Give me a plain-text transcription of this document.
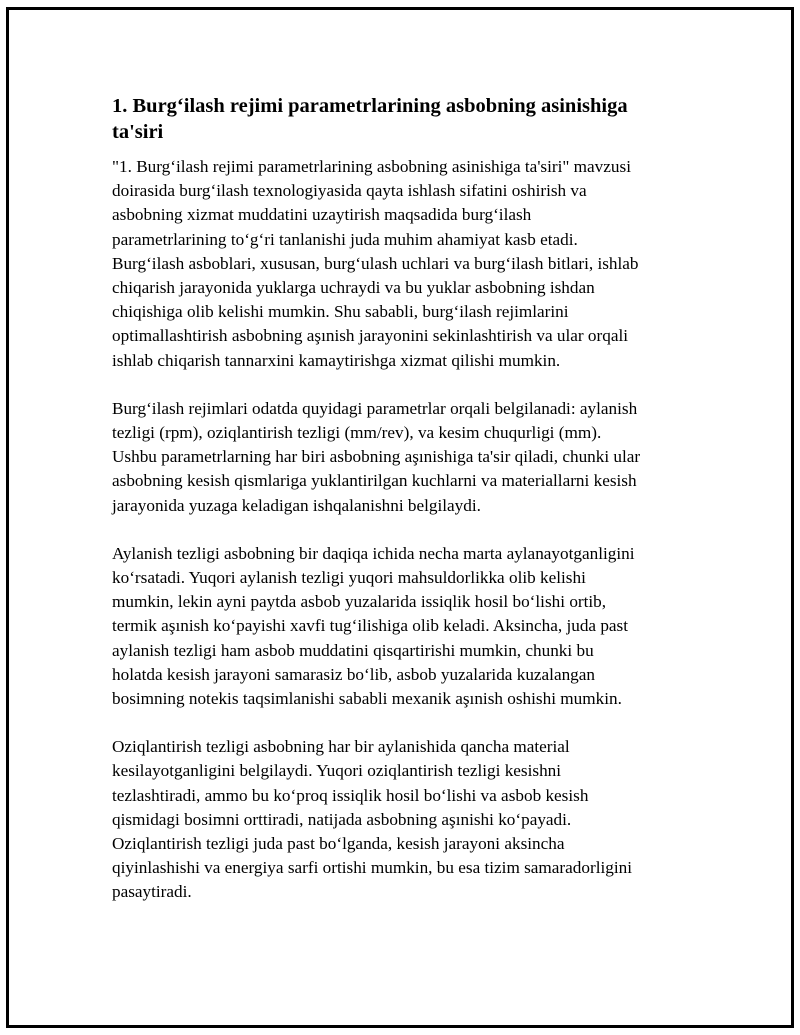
1. Burg‘ilash rejimi parametrlarining asbobning asinishiga
ta'siri

"1. Burg‘ilash rejimi parametrlarining asbobning asinishiga ta'siri" mavzusi
doirasida burg‘ilash texnologiyasida qayta ishlash sifatini oshirish va
asbobning xizmat muddatini uzaytirish maqsadida burg‘ilash
parametrlarining to‘g‘ri tanlanishi juda muhim ahamiyat kasb etadi.
Burg‘ilash asboblari, xususan, burg‘ulash uchlari va burg‘ilash bitlari, ishlab
chiqarish jarayonida yuklarga uchraydi va bu yuklar asbobning ishdan
chiqishiga olib kelishi mumkin. Shu sababli, burg‘ilash rejimlarini
optimallashtirish asbobning aşınish jarayonini sekinlashtirish va ular orqali
ishlab chiqarish tannarxini kamaytirishga xizmat qilishi mumkin.

Burg‘ilash rejimlari odatda quyidagi parametrlar orqali belgilanadi: aylanish
tezligi (rpm), oziqlantirish tezligi (mm/rev), va kesim chuqurligi (mm).
Ushbu parametrlarning har biri asbobning aşınishiga ta'sir qiladi, chunki ular
asbobning kesish qismlariga yuklantirilgan kuchlarni va materiallarni kesish
jarayonida yuzaga keladigan ishqalanishni belgilaydi.

Aylanish tezligi asbobning bir daqiqa ichida necha marta aylanayotganligini
ko‘rsatadi. Yuqori aylanish tezligi yuqori mahsuldorlikka olib kelishi
mumkin, lekin ayni paytda asbob yuzalarida issiqlik hosil bo‘lishi ortib,
termik aşınish ko‘payishi xavfi tug‘ilishiga olib keladi. Aksincha, juda past
aylanish tezligi ham asbob muddatini qisqartirishi mumkin, chunki bu
holatda kesish jarayoni samarasiz bo‘lib, asbob yuzalarida kuzalangan
bosimning notekis taqsimlanishi sababli mexanik aşınish oshishi mumkin.

Oziqlantirish tezligi asbobning har bir aylanishida qancha material
kesilayotganligini belgilaydi. Yuqori oziqlantirish tezligi kesishni
tezlashtiradi, ammo bu ko‘proq issiqlik hosil bo‘lishi va asbob kesish
qismidagi bosimni orttiradi, natijada asbobning aşınishi ko‘payadi.
Oziqlantirish tezligi juda past bo‘lganda, kesish jarayoni aksincha
qiyinlashishi va energiya sarfi ortishi mumkin, bu esa tizim samaradorligini
pasaytiradi.
